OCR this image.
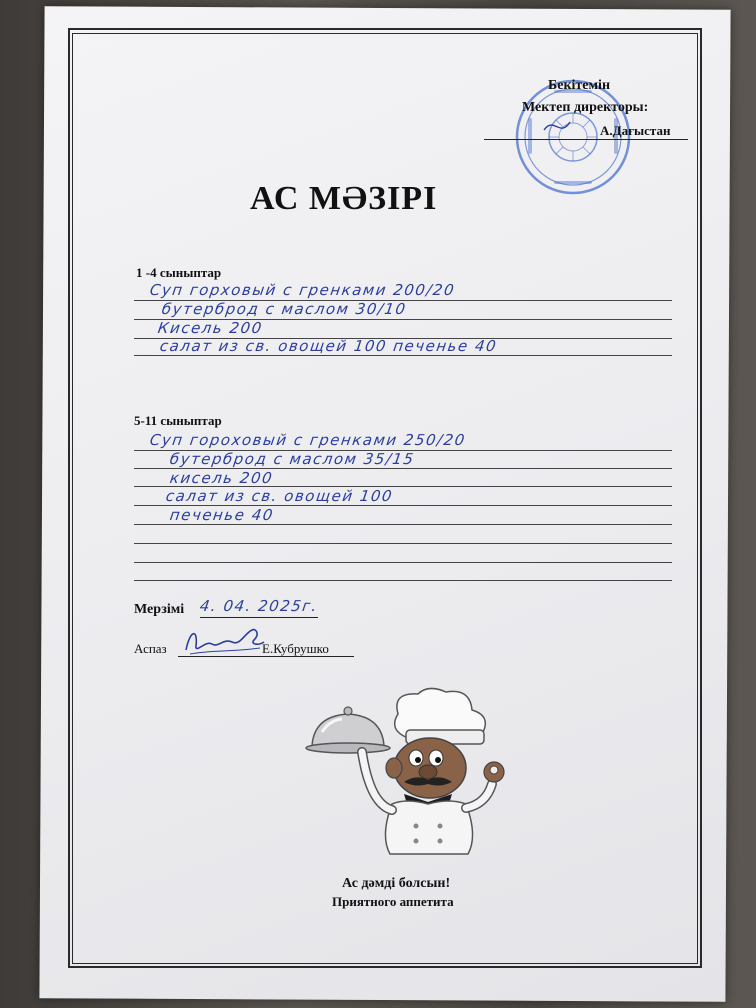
Бекітемін
Мектеп директоры:
А.Дағыстан
АС МӘЗІРІ
1 -4 сыныптар
Суп горховый с гренками 200/20
бутерброд с маслом 30/10
Кисель 200
салат из св. овощей 100 печенье 40
5-11 сыныптар
Суп гороховый с гренками 250/20
бутерброд с маслом 35/15
кисель 200
салат из св. овощей 100
печенье 40
Мерзімі 4. 04. 2025г.
Аспаз	Е.Кубрушко
Ас дәмді болсын!
Приятного аппетита
